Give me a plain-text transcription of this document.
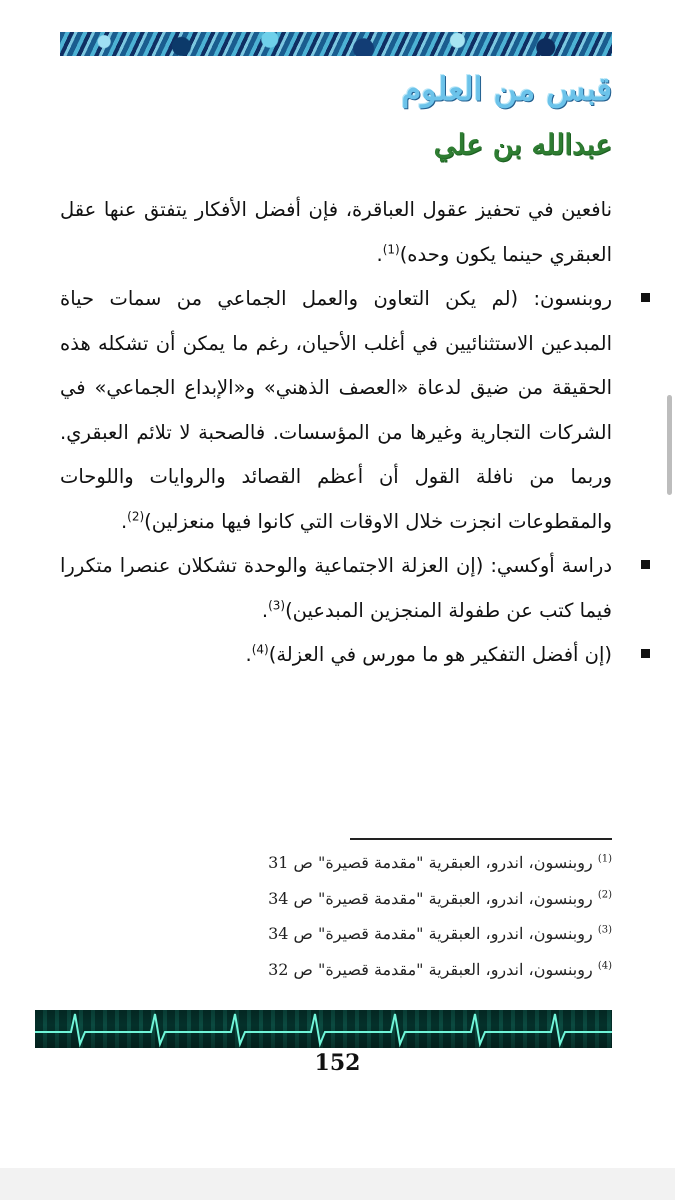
قبس من العلوم
عبدالله بن علي

نافعين في تحفيز عقول العباقرة، فإن أفضل الأفكار يتفتق عنها عقل العبقري حينما يكون وحده)$^{(1)}$.

روبنسون: (لم يكن التعاون والعمل الجماعي من سمات حياة المبدعين الاستثنائيين في أغلب الأحيان، رغم ما يمكن أن تشكله هذه الحقيقة من ضيق لدعاة «العصف الذهني» و«الإبداع الجماعي» في الشركات التجارية وغيرها من المؤسسات. فالصحبة لا تلائم العبقري. وربما من نافلة القول أن أعظم القصائد والروايات واللوحات والمقطوعات انجزت خلال الاوقات التي كانوا فيها منعزلين)$^{(2)}$.

دراسة أوكسي: (إن العزلة الاجتماعية والوحدة تشكلان عنصرا متكررا فيما كتب عن طفولة المنجزين المبدعين)$^{(3)}$.

(إن أفضل التفكير هو ما مورس في العزلة)$^{(4)}$.

$^{(1)}$ روبنسون، اندرو، العبقرية "مقدمة قصيرة" ص 31
$^{(2)}$ روبنسون، اندرو، العبقرية "مقدمة قصيرة" ص 34
$^{(3)}$ روبنسون، اندرو، العبقرية "مقدمة قصيرة" ص 34
$^{(4)}$ روبنسون، اندرو، العبقرية "مقدمة قصيرة" ص 32
152
